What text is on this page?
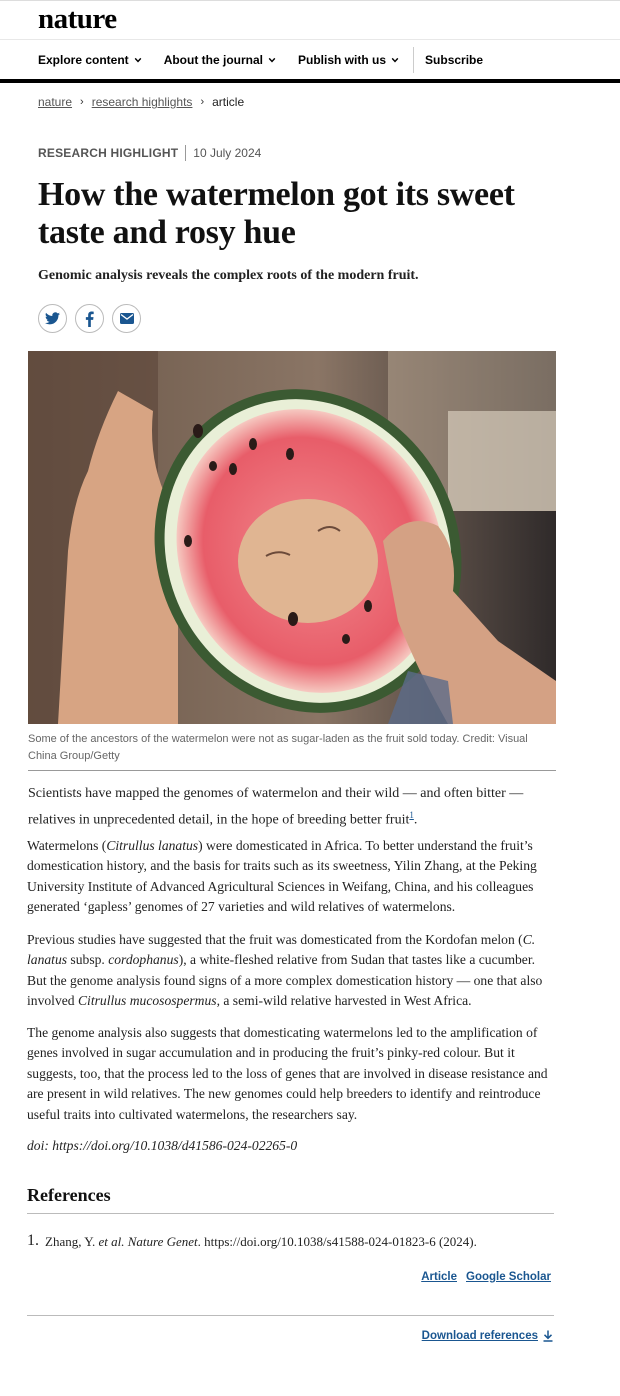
nature
Explore content	About the journal	Publish with us	Subscribe
nature › research highlights › article
RESEARCH HIGHLIGHT 10 July 2024
How the watermelon got its sweet taste and rosy hue

Genomic analysis reveals the complex roots of the modern fruit.

Some of the ancestors of the watermelon were not as sugar-laden as the fruit sold today. Credit: Visual China Group/Getty

Scientists have mapped the genomes of watermelon and their wild — and often bitter — relatives in unprecedented detail, in the hope of breeding better fruit$^1$.

Watermelons (Citrullus lanatus) were domesticated in Africa. To better understand the fruit’s domestication history, and the basis for traits such as its sweetness, Yilin Zhang, at the Peking University Institute of Advanced Agricultural Sciences in Weifang, China, and his colleagues generated ‘gapless’ genomes of 27 varieties and wild relatives of watermelons.

Previous studies have suggested that the fruit was domesticated from the Kordofan melon (C. lanatus subsp. cordophanus), a white-fleshed relative from Sudan that tastes like a cucumber. But the genome analysis found signs of a more complex domestication history — one that also involved Citrullus mucosospermus, a semi-wild relative harvested in West Africa.

The genome analysis also suggests that domesticating watermelons led to the amplification of genes involved in sugar accumulation and in producing the fruit’s pinky-red colour. But it suggests, too, that the process led to the loss of genes that are involved in disease resistance and are present in wild relatives. The new genomes could help breeders to identify and reintroduce useful traits into cultivated watermelons, the researchers say.

doi: https://doi.org/10.1038/d41586-024-02265-0

References
1. Zhang, Y. et al. Nature Genet. https://doi.org/10.1038/s41588-024-01823-6 (2024).
Article Google Scholar
Download references
